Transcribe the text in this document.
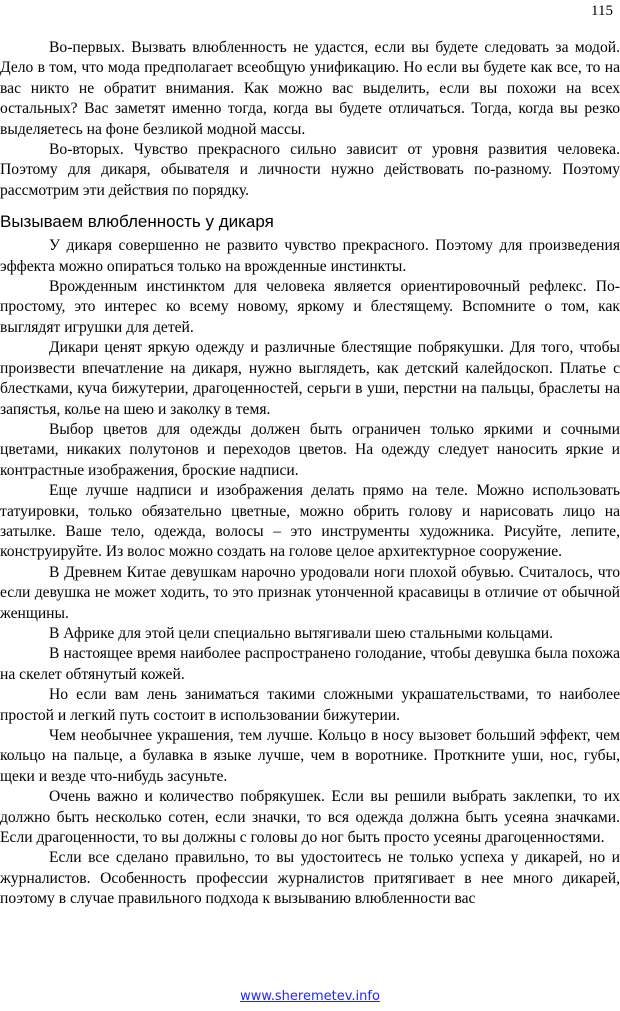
115

Во-первых. Вызвать влюбленность не удастся, если вы будете следовать за модой. Дело в том, что мода предполагает всеобщую унификацию. Но если вы будете как все, то на вас никто не обратит внимания. Как можно вас выделить, если вы похожи на всех остальных? Вас заметят именно тогда, когда вы будете отличаться. Тогда, когда вы резко выделяетесь на фоне безликой модной массы.

Во-вторых. Чувство прекрасного сильно зависит от уровня развития человека. Поэтому для дикаря, обывателя и личности нужно действовать по-разному. Поэтому рассмотрим эти действия по порядку.

Вызываем влюбленность у дикаря

У дикаря совершенно не развито чувство прекрасного. Поэтому для произведения эффекта можно опираться только на врожденные инстинкты.

Врожденным инстинктом для человека является ориентировочный рефлекс. По-простому, это интерес ко всему новому, яркому и блестящему. Вспомните о том, как выглядят игрушки для детей.

Дикари ценят яркую одежду и различные блестящие побрякушки. Для того, чтобы произвести впечатление на дикаря, нужно выглядеть, как детский калейдоскоп. Платье с блестками, куча бижутерии, драгоценностей, серьги в уши, перстни на пальцы, браслеты на запястья, колье на шею и заколку в темя.

Выбор цветов для одежды должен быть ограничен только яркими и сочными цветами, никаких полутонов и переходов цветов. На одежду следует наносить яркие и контрастные изображения, броские надписи.

Еще лучше надписи и изображения делать прямо на теле. Можно использовать татуировки, только обязательно цветные, можно обрить голову и нарисовать лицо на затылке. Ваше тело, одежда, волосы – это инструменты художника. Рисуйте, лепите, конструируйте. Из волос можно создать на голове целое архитектурное сооружение.

В Древнем Китае девушкам нарочно уродовали ноги плохой обувью. Считалось, что если девушка не может ходить, то это признак утонченной красавицы в отличие от обычной женщины.

В Африке для этой цели специально вытягивали шею стальными кольцами.

В настоящее время наиболее распространено голодание, чтобы девушка была похожа на скелет обтянутый кожей.

Но если вам лень заниматься такими сложными украшательствами, то наиболее простой и легкий путь состоит в использовании бижутерии.

Чем необычнее украшения, тем лучше. Кольцо в носу вызовет больший эффект, чем кольцо на пальце, а булавка в языке лучше, чем в воротнике. Проткните уши, нос, губы, щеки и везде что-нибудь засуньте.

Очень важно и количество побрякушек. Если вы решили выбрать заклепки, то их должно быть несколько сотен, если значки, то вся одежда должна быть усеяна значками. Если драгоценности, то вы должны с головы до ног быть просто усеяны драгоценностями.

Если все сделано правильно, то вы удостоитесь не только успеха у дикарей, но и журналистов. Особенность профессии журналистов притягивает в нее много дикарей, поэтому в случае правильного подхода к вызыванию влюбленности вас

www.sheremetev.info
